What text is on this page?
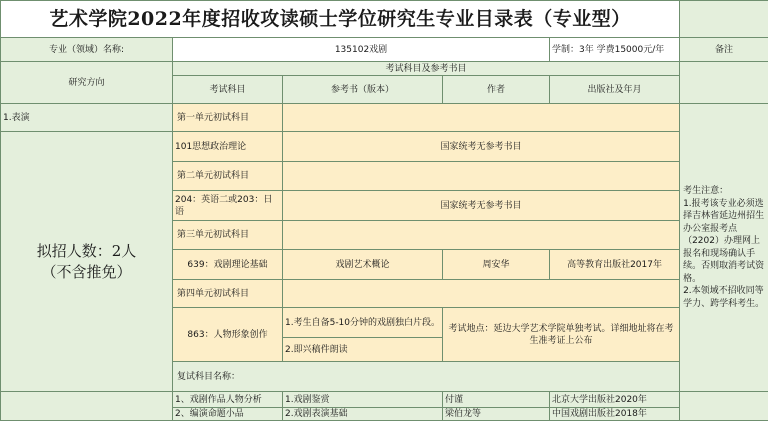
艺术学院2022年度招收攻读硕士学位研究生专业目录表（专业型）					
专业（领域）名称:	135102戏剧			学制：3年 学费15000元/年	备注
研究方向	考试科目及参考书目				
	考试科目	参考书（版本）	作者	出版社及年月	
1.表演	第一单元初试科目				考生注意：
1.报考该专业必须选择吉林省延边州招生办公室报考点（2202）办理网上报名和现场确认手续。否则取消考试资格。
2.本领域不招收同等学力、跨学科考生。

拟招人数：2人
（不含推免）	101思想政治理论	国家统考无参考书目			
	第二单元初试科目				
	204：英语二或203：日语	国家统考无参考书目			
	第三单元初试科目				
	639：戏剧理论基础	戏剧艺术概论	周安华	高等教育出版社2017年	
	第四单元初试科目				
	863：人物形象创作	1.考生自备5-10分钟的戏剧独白片段。	考试地点：延边大学艺术学院单独考试。详细地址将在考生准考证上公布		
		2.即兴稿件朗读			
	复试科目名称：				
	1、戏剧作品人物分析	1.戏剧鉴赏	付谨	北京大学出版社2020年	
	2、编演命题小品	2.戏剧表演基础	梁伯龙等	中国戏剧出版社2018年	
